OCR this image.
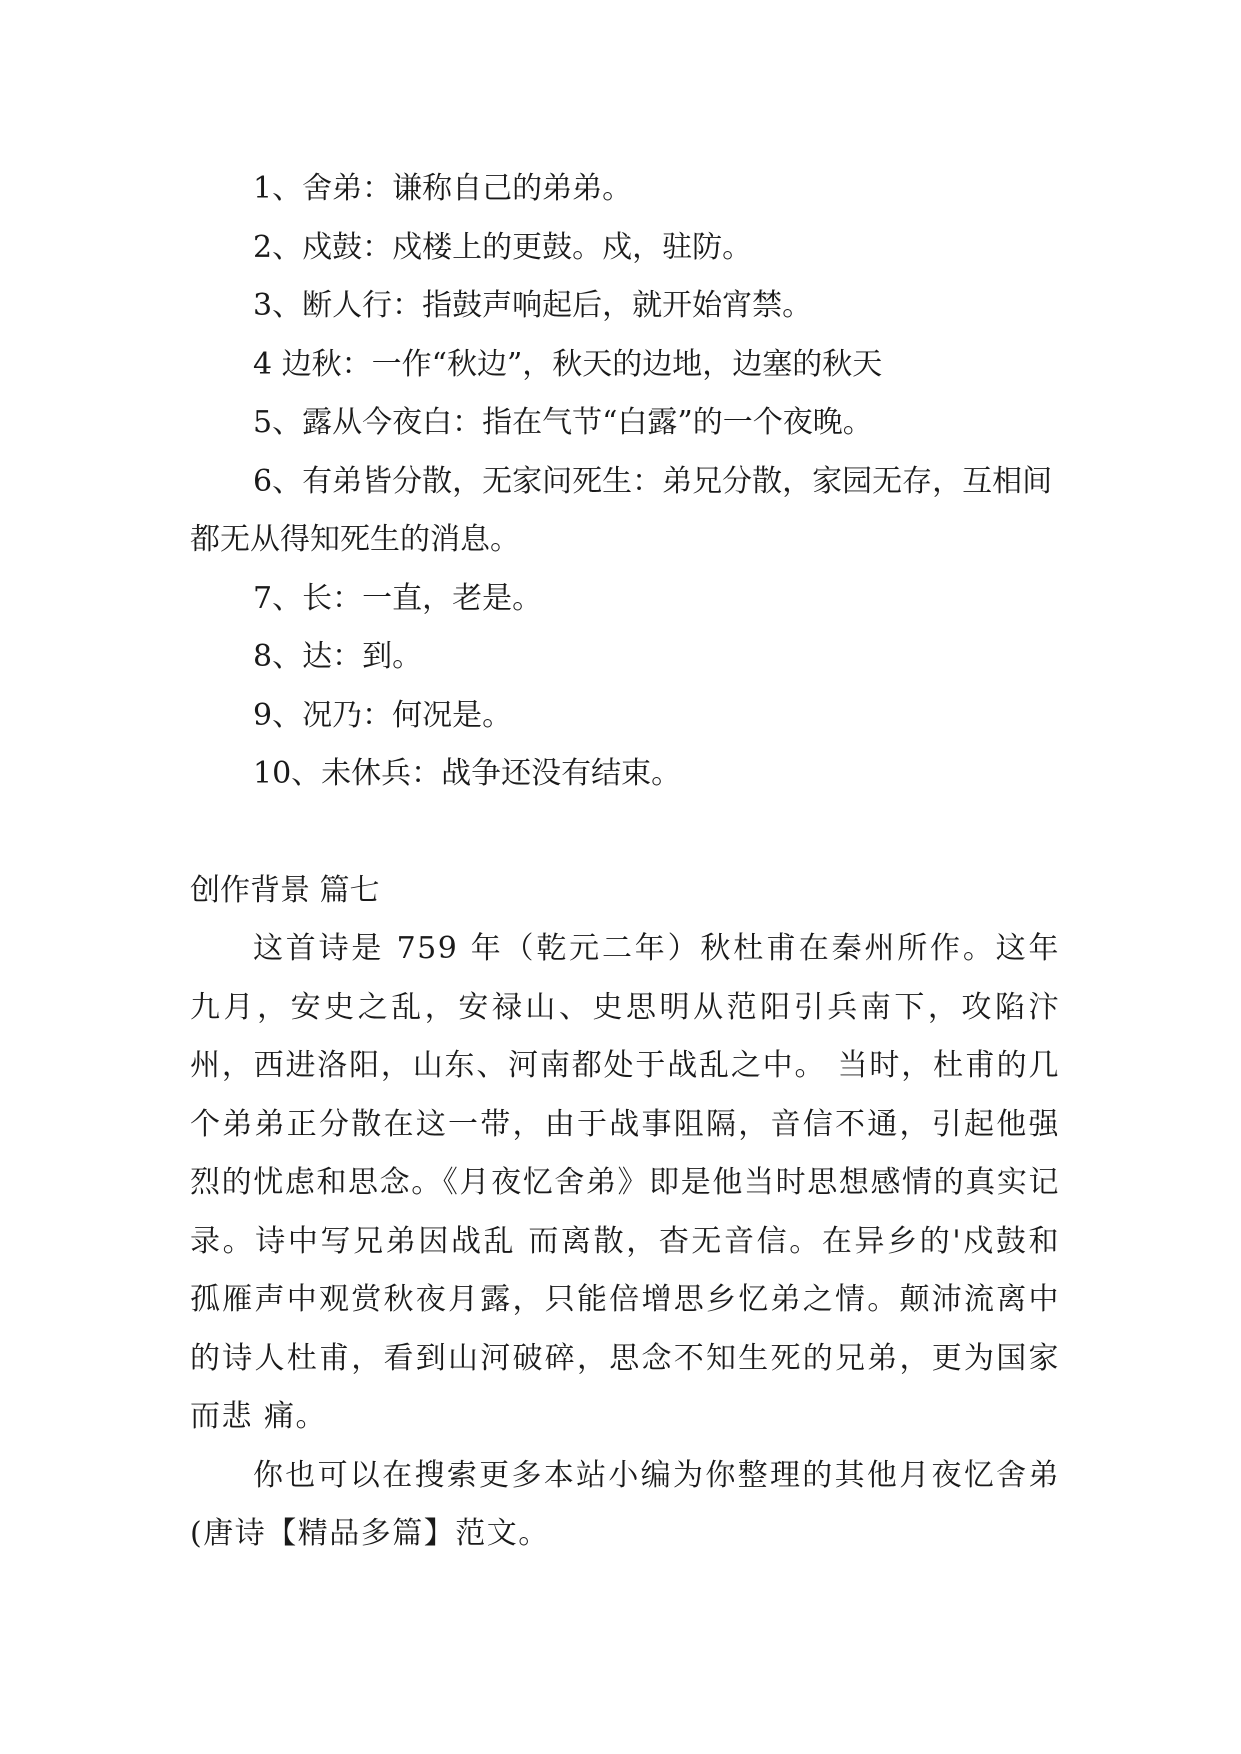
1、舍弟：谦称自己的弟弟。

2、戍鼓：戍楼上的更鼓。戍，驻防。

3、断人行：指鼓声响起后，就开始宵禁。

4 边秋：一作“秋边”，秋天的边地，边塞的秋天

5、露从今夜白：指在气节“白露”的一个夜晚。

6、有弟皆分散，无家问死生：弟兄分散，家园无存，互相间都无从得知死生的消息。

7、长：一直，老是。

8、达：到。

9、况乃：何况是。

10、未休兵：战争还没有结束。

创作背景 篇七

这首诗是 759 年（乾元二年）秋杜甫在秦州所作。这年九月，安史之乱，安禄山、史思明从范阳引兵南下，攻陷汴州，西进洛阳，山东、河南都处于战乱之中。 当时，杜甫的几个弟弟正分散在这一带，由于战事阻隔，音信不通，引起他强烈的忧虑和思念。《月夜忆舍弟》即是他当时思想感情的真实记录。诗中写兄弟因战乱 而离散，杳无音信。在异乡的'戍鼓和孤雁声中观赏秋夜月露，只能倍增思乡忆弟之情。颠沛流离中的诗人杜甫，看到山河破碎，思念不知生死的兄弟，更为国家而悲 痛。

你也可以在搜索更多本站小编为你整理的其他月夜忆舍弟(唐诗【精品多篇】范文。
